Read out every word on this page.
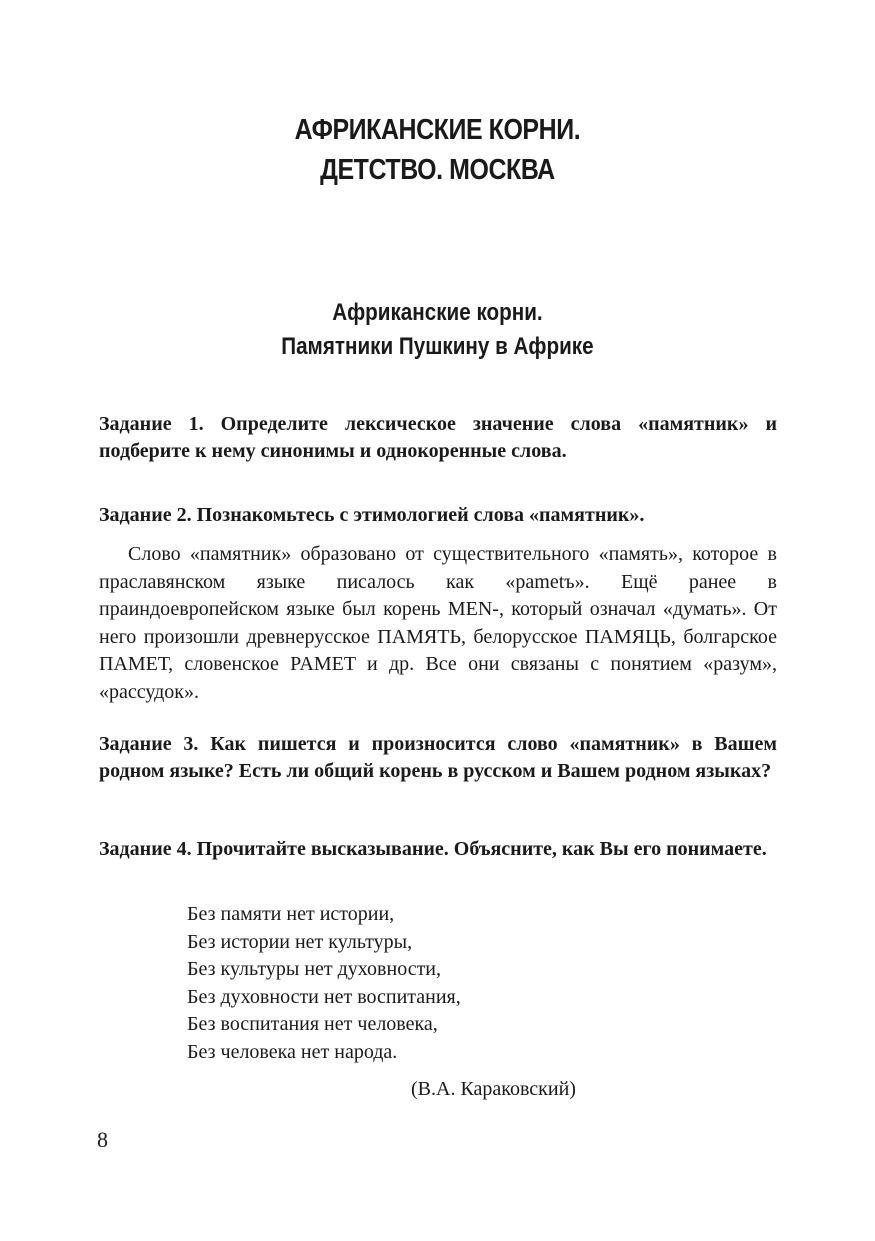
АФРИКАНСКИЕ КОРНИ.
ДЕТСТВО. МОСКВА
Африканские корни.
Памятники Пушкину в Африке
Задание 1. Определите лексическое значение слова «памятник» и подберите к нему синонимы и однокоренные слова.
Задание 2. Познакомьтесь с этимологией слова «памятник».
Слово «памятник» образовано от существительного «память», которое в праславянском языке писалось как «pametъ». Ещё ранее в праиндоевропейском языке был корень MEN-, который означал «думать». От него произошли древнерусское ПАМЯТЬ, белорусское ПАМЯЦЬ, болгарское ПАМЕТ, словенское PAMET и др. Все они связаны с понятием «разум», «рассудок».
Задание 3. Как пишется и произносится слово «памятник» в Вашем родном языке? Есть ли общий корень в русском и Вашем родном языках?
Задание 4. Прочитайте высказывание. Объясните, как Вы его понимаете.
Без памяти нет истории,
Без истории нет культуры,
Без культуры нет духовности,
Без духовности нет воспитания,
Без воспитания нет человека,
Без человека нет народа.
(В.А. Караковский)
8
